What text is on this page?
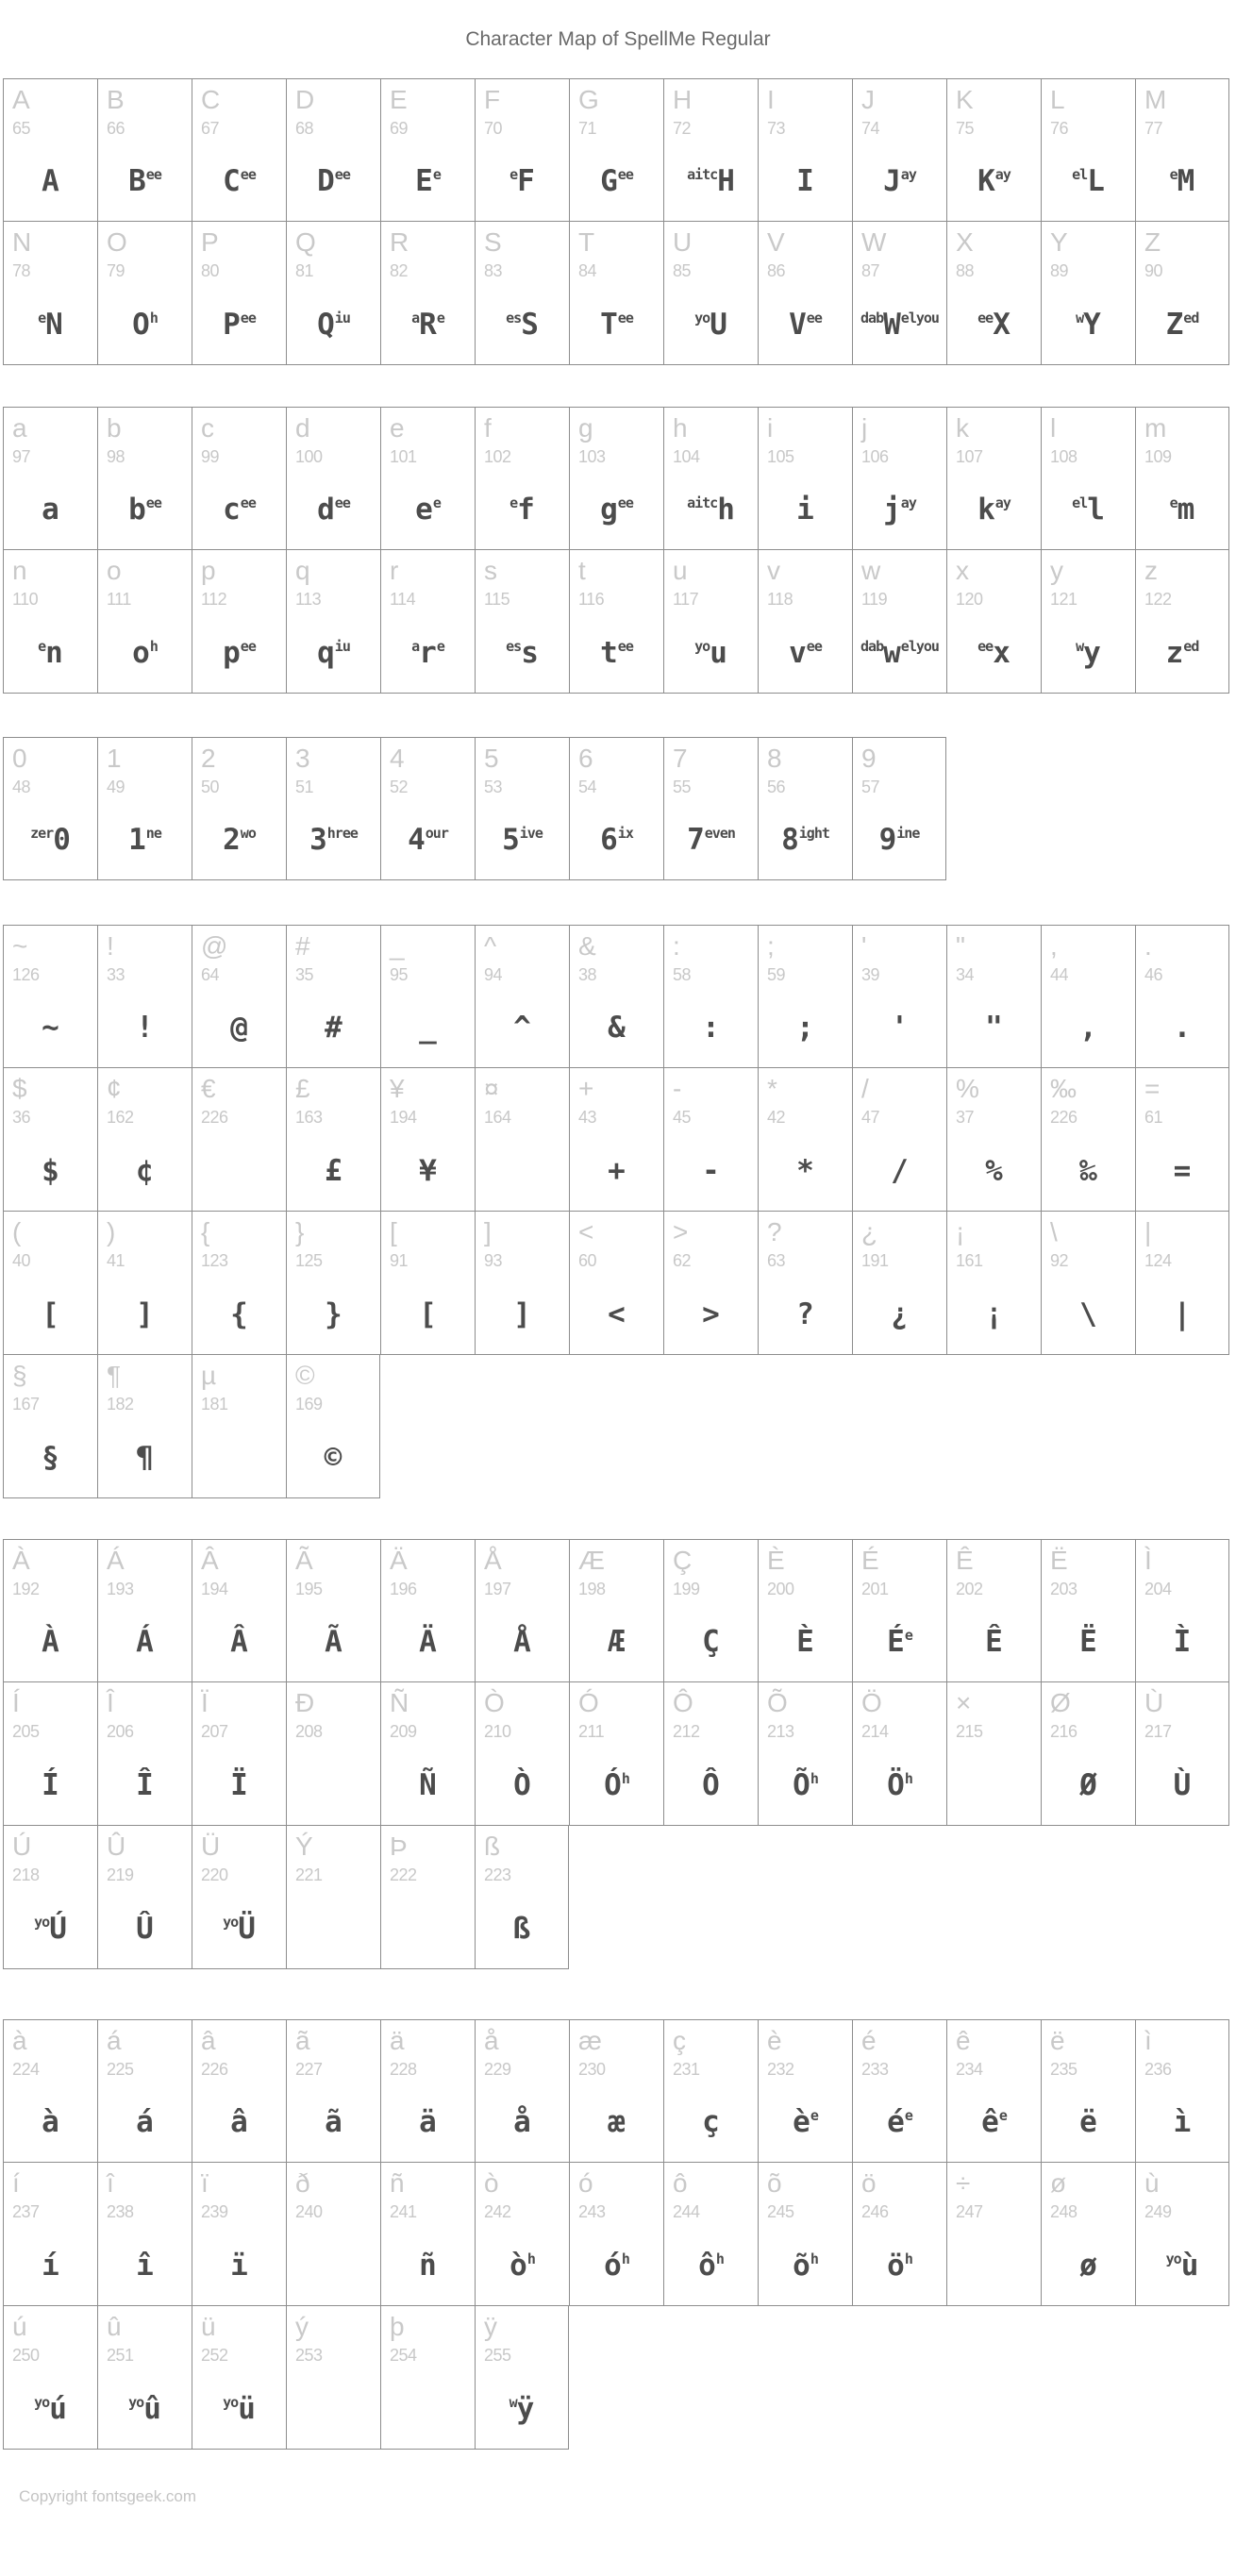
Character Map of SpellMe Regular
A
65
A
B
66
$B^{ee}$
C
67
$C^{ee}$
D
68
$D^{ee}$
E
69
$E^e$
F
70
$^e$F
G
71
$G^{ee}$
H
72
$^{aitc}$H
I
73
I
J
74
$J^{ay}$
K
75
$K^{ay}$
L
76
$^{el}$L
M
77
$^e$M
N
78
$^e$N
O
79
$O^h$
P
80
$P^{ee}$
Q
81
$Q^{iu}$
R
82
$^aR^e$
S
83
$^{es}$S
T
84
$T^{ee}$
U
85
$^{yo}$U
V
86
$V^{ee}$
W
87
$^{dab}W^{elyou}$
X
88
$^{ee}$X
Y
89
$^w$Y
Z
90
$Z^{ed}$
a
97
a
b
98
$b^{ee}$
c
99
$c^{ee}$
d
100
$d^{ee}$
e
101
$e^e$
f
102
$^e$f
g
103
$g^{ee}$
h
104
$^{aitc}$h
i
105
i
j
106
$j^{ay}$
k
107
$k^{ay}$
l
108
$^{el}$l
m
109
$^e$m
n
110
$^e$n
o
111
$o^h$
p
112
$p^{ee}$
q
113
$q^{iu}$
r
114
$^ar^e$
s
115
$^{es}$s
t
116
$t^{ee}$
u
117
$^{yo}$u
v
118
$v^{ee}$
w
119
$^{dab}w^{elyou}$
x
120
$^{ee}$x
y
121
$^w$y
z
122
$z^{ed}$
0
48
$^{zer}$0
1
49
$1^{ne}$
2
50
$2^{wo}$
3
51
$3^{hree}$
4
52
$4^{our}$
5
53
$5^{ive}$
6
54
6$^{ix}$
7
55
$7^{even}$
8
56
$8^{ight}$
9
57
$9^{ine}$
~
126
~
!
33
!
@
64
@
#
35
#
_
95
_
^
94
^
&
38
&
:
58
:
;
59
;
'
39
'
"
34
"
,
44
,
.
46
.
$
36
$
¢
162
¢
€
226
£
163
£
¥
194
¥
¤
164
+
43
+
-
45
-
*
42
*
/
47
/
%
37
%
‰
226
‰
=
61
=
(
40
[
)
41
]
{
123
{
}
125
}
[
91
[
]
93
]
<
60
<
>
62
>
?
63
?
¿
191
¿
¡
161
¡
\
92
\
|
124
|
§
167
§
¶
182
¶
µ
181
©
169
©
À
192
À
Á
193
Á
Â
194
Â
Ã
195
Ã
Ä
196
Ä
Å
197
Å
Æ
198
Æ
Ç
199
Ç
È
200
È
É
201
$É^e$
Ê
202
Ê
Ë
203
Ë
Ì
204
Ì
Í
205
Í
Î
206
Î
Ï
207
Ï
Ð
208
Ñ
209
Ñ
Ò
210
Ò
Ó
211
$Ó^h$
Ô
212
Ô
Õ
213
$Õ^h$
Ö
214
$Ö^h$
×
215
Ø
216
Ø
Ù
217
Ù
Ú
218
$^{yo}$Ú
Û
219
Û
Ü
220
$^{yo}$Ü
Ý
221
Þ
222
ß
223
ß
à
224
à
á
225
á
â
226
â
ã
227
ã
ä
228
ä
å
229
å
æ
230
æ
ç
231
ç
è
232
$è^e$
é
233
$é^e$
ê
234
$ê^e$
ë
235
ë
ì
236
ì
í
237
í
î
238
î
ï
239
ï
ð
240
ñ
241
ñ
ò
242
$ò^h$
ó
243
$ó^h$
ô
244
$ô^h$
õ
245
$õ^h$
ö
246
$ö^h$
÷
247
ø
248
ø
ù
249
$^{yo}$ù
ú
250
$^{yo}$ú
û
251
$^{yo}$û
ü
252
$^{yo}$ü
ý
253
þ
254
ÿ
255
$^w$ÿ
Copyright fontsgeek.com
